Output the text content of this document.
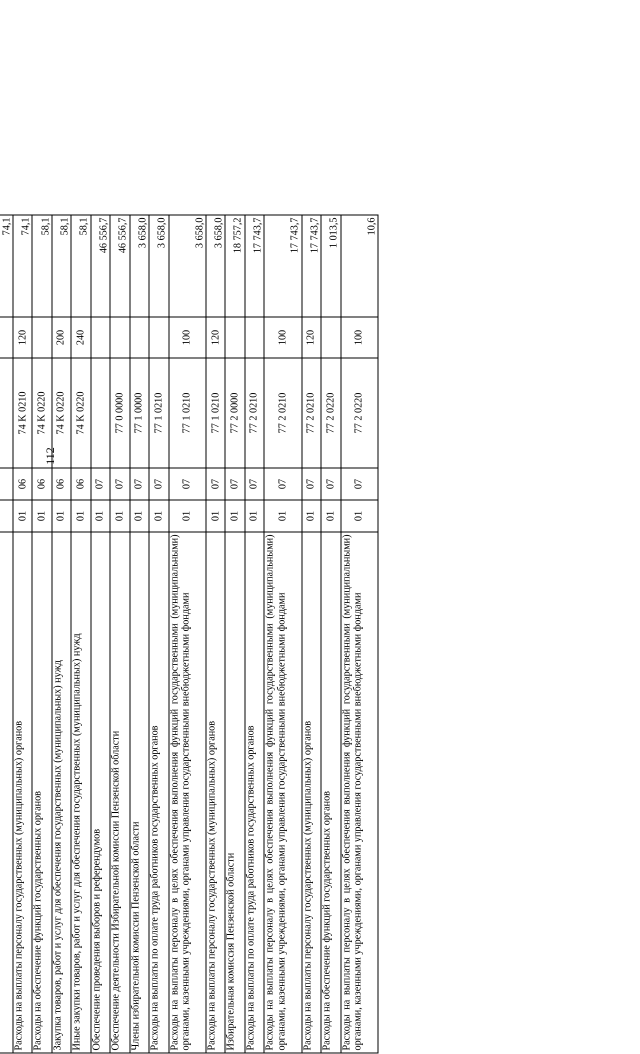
112

					74,1
Расходы на выплаты персоналу государственных (муниципальных) органов	01	06	74 K 0210	120	74,1
Расходы на обеспечение функций государственных органов	01	06	74 K 0220		58,1
Закупка товаров, работ и услуг для обеспечения государственных (муниципальных) нужд	01	06	74 K 0220	200	58,1
Иные закупки товаров, работ и услуг для обеспечения государственных (муниципальных) нужд	01	06	74 K 0220	240	58,1
Обеспечение проведения выборов и референдумов	01	07			46 556,7
Обеспечение деятельности Избирательной комиссии Пензенской области	01	07	77 0 0000		46 556,7
Члены избирательной комиссии Пензенской области	01	07	77 1 0000		3 658,0
Расходы на выплаты по оплате труда работников государственных органов	01	07	77 1 0210		3 658,0
Расходы на выплаты персоналу в целях обеспечения выполнения функций государственными (муниципальными) органами, казенными учреждениями, органами управления государственными внебюджетными фондами	01	07	77 1 0210	100	3 658,0
Расходы на выплаты персоналу государственных (муниципальных) органов	01	07	77 1 0210	120	3 658,0
Избирательная комиссия Пензенской области	01	07	77 2 0000		18 757,2
Расходы на выплаты по оплате труда работников государственных органов	01	07	77 2 0210		17 743,7
Расходы на выплаты персоналу в целях обеспечения выполнения функций государственными (муниципальными) органами, казенными учреждениями, органами управления государственными внебюджетными фондами	01	07	77 2 0210	100	17 743,7
Расходы на выплаты персоналу государственных (муниципальных) органов	01	07	77 2 0210	120	17 743,7
Расходы на обеспечение функций государственных органов	01	07	77 2 0220		1 013,5
Расходы на выплаты персоналу в целях обеспечения выполнения функций государственными (муниципальными) органами, казенными учреждениями, органами управления государственными внебюджетными фондами	01	07	77 2 0220	100	10,6
